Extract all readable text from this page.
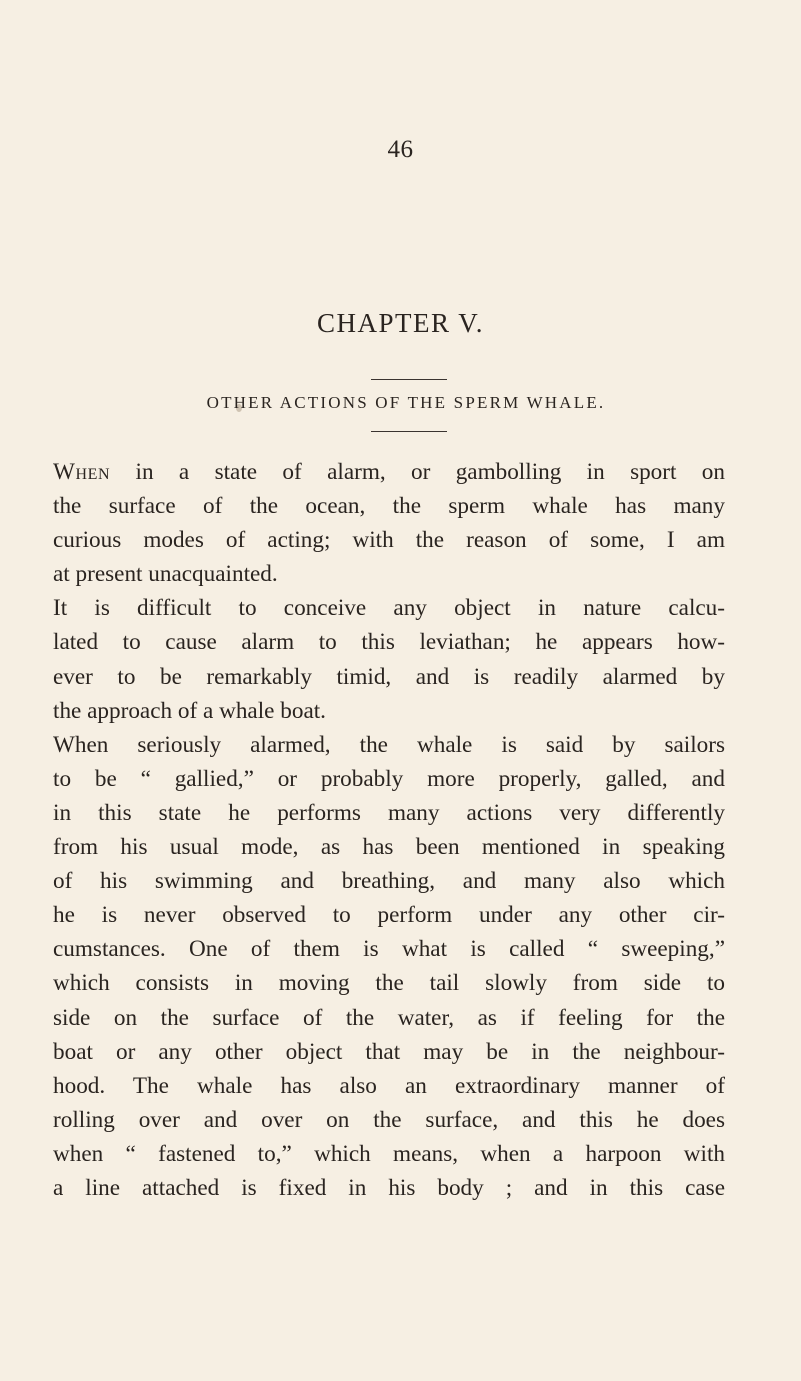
46
CHAPTER V.
OTHER ACTIONS OF THE SPERM WHALE.
When in a state of alarm, or gambolling in sport on
the surface of the ocean, the sperm whale has many
curious modes of acting; with the reason of some, I am
at present unacquainted.
It is difficult to conceive any object in nature calcu-
lated to cause alarm to this leviathan; he appears how-
ever to be remarkably timid, and is readily alarmed by
the approach of a whale boat.
When seriously alarmed, the whale is said by sailors
to be “ gallied,” or probably more properly, galled, and
in this state he performs many actions very differently
from his usual mode, as has been mentioned in speaking
of his swimming and breathing, and many also which
he is never observed to perform under any other cir-
cumstances. One of them is what is called “ sweeping,”
which consists in moving the tail slowly from side to
side on the surface of the water, as if feeling for the
boat or any other object that may be in the neighbour-
hood. The whale has also an extraordinary manner of
rolling over and over on the surface, and this he does
when “ fastened to,” which means, when a harpoon with
a line attached is fixed in his body ; and in this case
